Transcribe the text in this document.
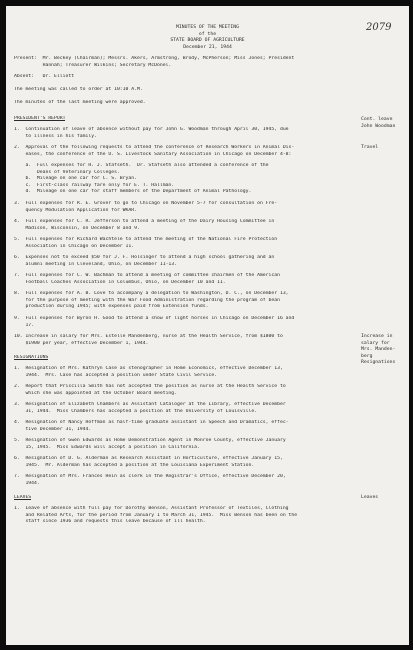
2079
MINUTES OF THE MEETING
of the
STATE BOARD OF AGRICULTURE
December 21, 1944
Present:  Mr. Beckey (Chairman); Messrs. Akers, Armstrong, Brody, McPherson; Miss Jones; President
Hannah; Treasurer Wilkins; Secretary McDonel.
Absent:   Dr. Elliott
The meeting was called to order at 10:10 A.M.
The minutes of the last meeting were approved.
PRESIDENT'S REPORT
1.  Continuation of leave of absence without pay for John G. Woodman through April 30, 1945, due
to illness in his family.
2.  Approval of the following requests to attend the conference of Research Workers in Animal Dis-
eases, the conference of the U. S. Livestock Sanitary Association in Chicago on December 4-8:
a.  Full expenses for H. J. Stafseth.  Dr. Stafseth also attended a conference of the
Deans of Veterinary Colleges.
b.  Mileage on one car for C. S. Bryan.
c.  First-class railway fare only for E. T. Hallman.
d.  Mileage on one car for staff members of the Department of Animal Pathology.
3.  Full expenses for R. E. Grover to go to Chicago on November 5-7 for consultation on Fre-
quency Modulation Application for WKAR.
4.  Full expenses for C. R. Jefferson to attend a meeting of the Dairy Housing Committee in
Madison, Wisconsin, on December 8 and 9.
5.  Full expenses for Richard Wachtele to attend the meeting of the National Fire Protection
Association in Chicago on December 11.
6.  Expenses not to exceed $50 for J. F. Holsinger to attend a high school gathering and an
alumni meeting in Cleveland, Ohio, on December 11-13.
7.  Full expenses for C. W. Bachman to attend a meeting of committee chairmen of the American
Football Coaches Association in Columbus, Ohio, on December 10 and 11.
8.  Full expenses for A. B. Love to accompany a delegation to Washington, D. C., on December 13,
for the purpose of meeting with the War Food Administration regarding the program of bean
production during 1945; with expenses paid from Extension funds.
9.  Full expenses for Byron H. Good to attend a show of light horses in Chicago on December 16 and
17.
10. Increase in salary for Mrs. Estelle Mandenberg, nurse at the Health Service, from $1800 to
$1900 per year, effective December 1, 1944.
RESIGNATIONS
1.  Resignation of Mrs. Kathryn Case as stenographer in Home Economics, effective December 13,
1944.  Mrs. Case has accepted a position under State Civil Service.
2.  Report that Priscilla Smith has not accepted the position as nurse at the Health Service to
which she was appointed at the October Board meeting.
3.  Resignation of Elizabeth Chambers as Assistant Cataloger at the Library, effective December
31, 1944.  Miss Chambers has accepted a position at the University of Louisville.
4.  Resignation of Nancy Hoffman as half-time graduate assistant in Speech and Dramatics, effec-
tive December 31, 1944.
5.  Resignation of Gwen Edwards as Home Demonstration Agent in Monroe County, effective January
15, 1945.  Miss Edwards will accept a position in California.
6.  Resignation of D. G. Alderman as Research Assistant in Horticulture, effective January 15,
1945.  Mr. Alderman has accepted a position at the Louisiana Experiment Station.
7.  Resignation of Mrs. Frances Hein as clerk in the Registrar's Office, effective December 20,
1944.
LEAVES
1.  Leave of absence with full pay for Dorothy Benson, Assistant Professor of Textiles, Clothing
and Related Arts, for the period from January 1 to March 31, 1945.  Miss Benson has been on the
staff since 1936 and requests this leave because of ill health.
Cont. leave
John Woodman
Travel
Increase in
salary for
Mrs. Manden-
berg
Resignations
Leaves
